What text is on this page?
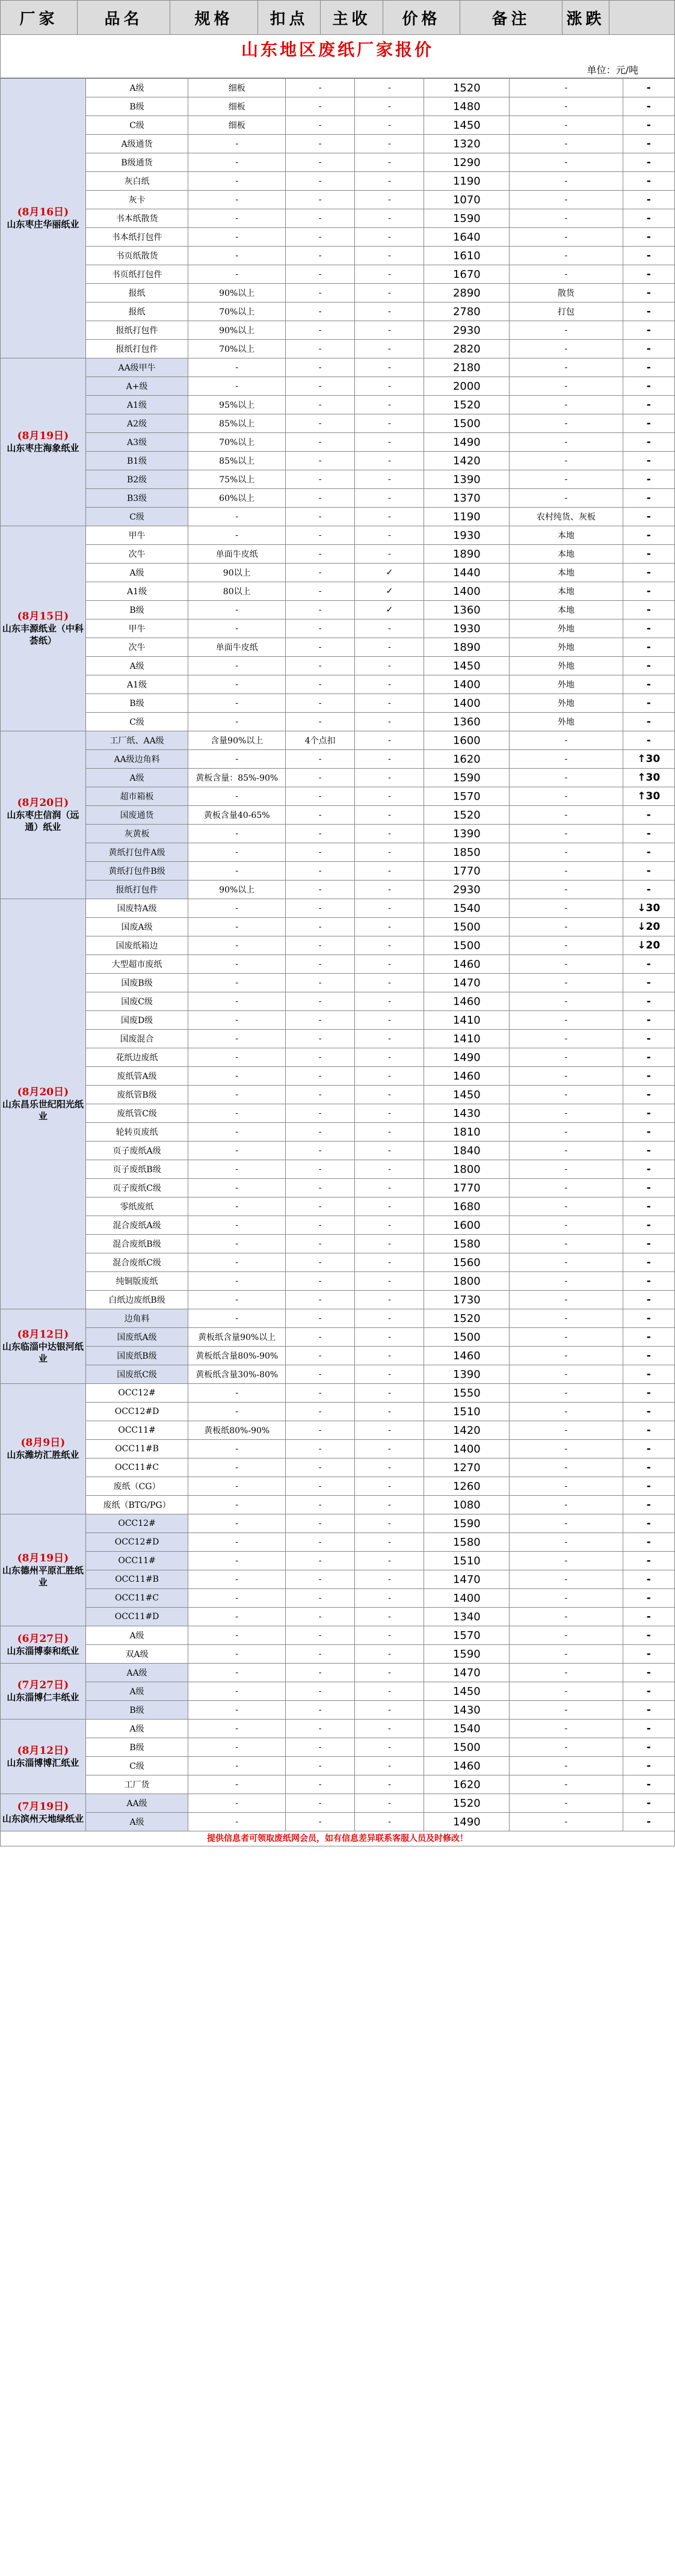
厂家	品名	规格	扣点	主收	价格	备注	涨跌
山东地区废纸厂家报价
单位：元/吨
(8月16日)
山东枣庄华丽纸业	A级	细板	-	-	1520	-	-
	B级	细板	-	-	1480	-	-
	C级	细板	-	-	1450	-	-
	A级通货	-	-	-	1320	-	-
	B级通货	-	-	-	1290	-	-
	灰白纸	-	-	-	1190	-	-
	灰卡	-	-	-	1070	-	-
	书本纸散货	-	-	-	1590	-	-
	书本纸打包件	-	-	-	1640	-	-
	书页纸散货	-	-	-	1610	-	-
	书页纸打包件	-	-	-	1670	-	-
	报纸	90%以上	-	-	2890	散货	-
	报纸	70%以上	-	-	2780	打包	-
	报纸打包件	90%以上	-	-	2930	-	-
	报纸打包件	70%以上	-	-	2820	-	-

(8月19日)
山东枣庄海象纸业	AA级甲牛	-	-	-	2180	-	-
	A+级	-	-	-	2000	-	-
	A1级	95%以上	-	-	1520	-	-
	A2级	85%以上	-	-	1500	-	-
	A3级	70%以上	-	-	1490	-	-
	B1级	85%以上	-	-	1420	-	-
	B2级	75%以上	-	-	1390	-	-
	B3级	60%以上	-	-	1370	-	-
	C级	-	-	-	1190	农村纯货、灰板	-

(8月15日)
山东丰源纸业（中科荟纸）	甲牛	-	-	-	1930	本地	-
	次牛	单面牛皮纸	-	-	1890	本地	-
	A级	90以上	-	✓	1440	本地	-
	A1级	80以上	-	✓	1400	本地	-
	B级	-	-	✓	1360	本地	-
	甲牛	-	-	-	1930	外地	-
	次牛	单面牛皮纸	-	-	1890	外地	-
	A级	-	-	-	1450	外地	-
	A1级	-	-	-	1400	外地	-
	B级	-	-	-	1400	外地	-
	C级	-	-	-	1360	外地	-

(8月20日)
山东枣庄信润（远通）纸业	工厂纸、AA级	含量90%以上	4个点扣	-	1600	-	-
	AA级边角料	-	-	-	1620	-	↑30
	A级	黄板含量：85%-90%	-	-	1590	-	↑30
	超市箱板	-	-	-	1570	-	↑30
	国废通货	黄板含量40-65%	-	-	1520	-	-
	灰黄板	-	-	-	1390	-	-
	黄纸打包件A级	-	-	-	1850	-	-
	黄纸打包件B级	-	-	-	1770	-	-
	报纸打包件	90%以上	-	-	2930	-	-

(8月20日)
山东昌乐世纪阳光纸业	国废特A级	-	-	-	1540	-	↓30
	国废A级	-	-	-	1500	-	↓20
	国废纸箱边	-	-	-	1500	-	↓20
	大型超市废纸	-	-	-	1460	-	-
	国废B级	-	-	-	1470	-	-
	国废C级	-	-	-	1460	-	-
	国废D级	-	-	-	1410	-	-
	国废混合	-	-	-	1410	-	-
	花纸边废纸	-	-	-	1490	-	-
	废纸管A级	-	-	-	1460	-	-
	废纸管B级	-	-	-	1450	-	-
	废纸管C级	-	-	-	1430	-	-
	轮转页废纸	-	-	-	1810	-	-
	页子废纸A级	-	-	-	1840	-	-
	页子废纸B级	-	-	-	1800	-	-
	页子废纸C级	-	-	-	1770	-	-
	零纸废纸	-	-	-	1680	-	-
	混合废纸A级	-	-	-	1600	-	-
	混合废纸B级	-	-	-	1580	-	-
	混合废纸C级	-	-	-	1560	-	-
	纯铜版废纸	-	-	-	1800	-	-
	白纸边废纸B级	-	-	-	1730	-	-

(8月12日)
山东临淄中达银河纸业	边角料	-	-	-	1520	-	-
	国废纸A级	黄板纸含量90%以上	-	-	1500	-	-
	国废纸B级	黄板纸含量80%-90%	-	-	1460	-	-
	国废纸C级	黄板纸含量30%-80%	-	-	1390	-	-

(8月9日)
山东潍坊汇胜纸业	OCC12#	-	-	-	1550	-	-
	OCC12#D	-	-	-	1510	-	-
	OCC11#	黄板纸80%-90%	-	-	1420	-	-
	OCC11#B	-	-	-	1400	-	-
	OCC11#C	-	-	-	1270	-	-
	废纸（CG）	-	-	-	1260	-	-
	废纸（BTG/PG）	-	-	-	1080	-	-

(8月19日)
山东德州平原汇胜纸业	OCC12#	-	-	-	1590	-	-
	OCC12#D	-	-	-	1580	-	-
	OCC11#	-	-	-	1510	-	-
	OCC11#B	-	-	-	1470	-	-
	OCC11#C	-	-	-	1400	-	-
	OCC11#D	-	-	-	1340	-	-

(6月27日)
山东淄博泰和纸业	A级	-	-	-	1570	-	-
	双A级	-	-	-	1590	-	-

(7月27日)
山东淄博仁丰纸业	AA级	-	-	-	1470	-	-
	A级	-	-	-	1450	-	-
	B级	-	-	-	1430	-	-

(8月12日)
山东淄博博汇纸业	A级	-	-	-	1540	-	-
	B级	-	-	-	1500	-	-
	C级	-	-	-	1460	-	-
	工厂货	-	-	-	1620	-	-

(7月19日)
山东滨州天地绿纸业	AA级	-	-	-	1520	-	-
	A级	-	-	-	1490	-	-
提供信息者可领取废纸网会员，如有信息差异联系客服人员及时修改！
